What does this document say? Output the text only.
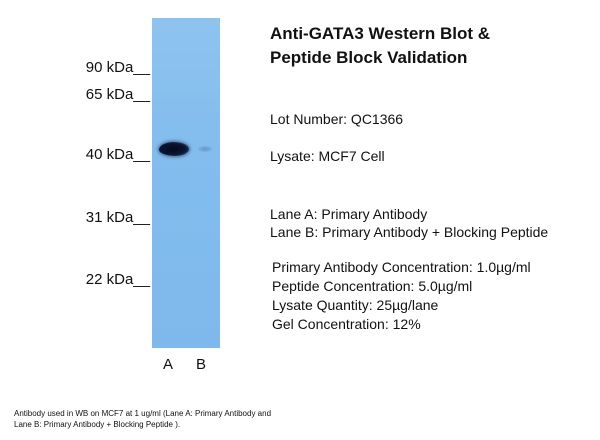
90 kDa__
65 kDa__
40 kDa__
31 kDa__
22 kDa__
A B
Anti-GATA3 Western Blot &
Peptide Block Validation
Lot Number: QC1366
Lysate: MCF7 Cell
Lane A: Primary Antibody
Lane B: Primary Antibody + Blocking Peptide
Primary Antibody Concentration: 1.0µg/ml
Peptide Concentration: 5.0µg/ml
Lysate Quantity: 25µg/lane
Gel Concentration: 12%
Antibody used in WB on MCF7 at 1 ug/ml (Lane A: Primary Antibody and
Lane B: Primary Antibody + Blocking Peptide ).
